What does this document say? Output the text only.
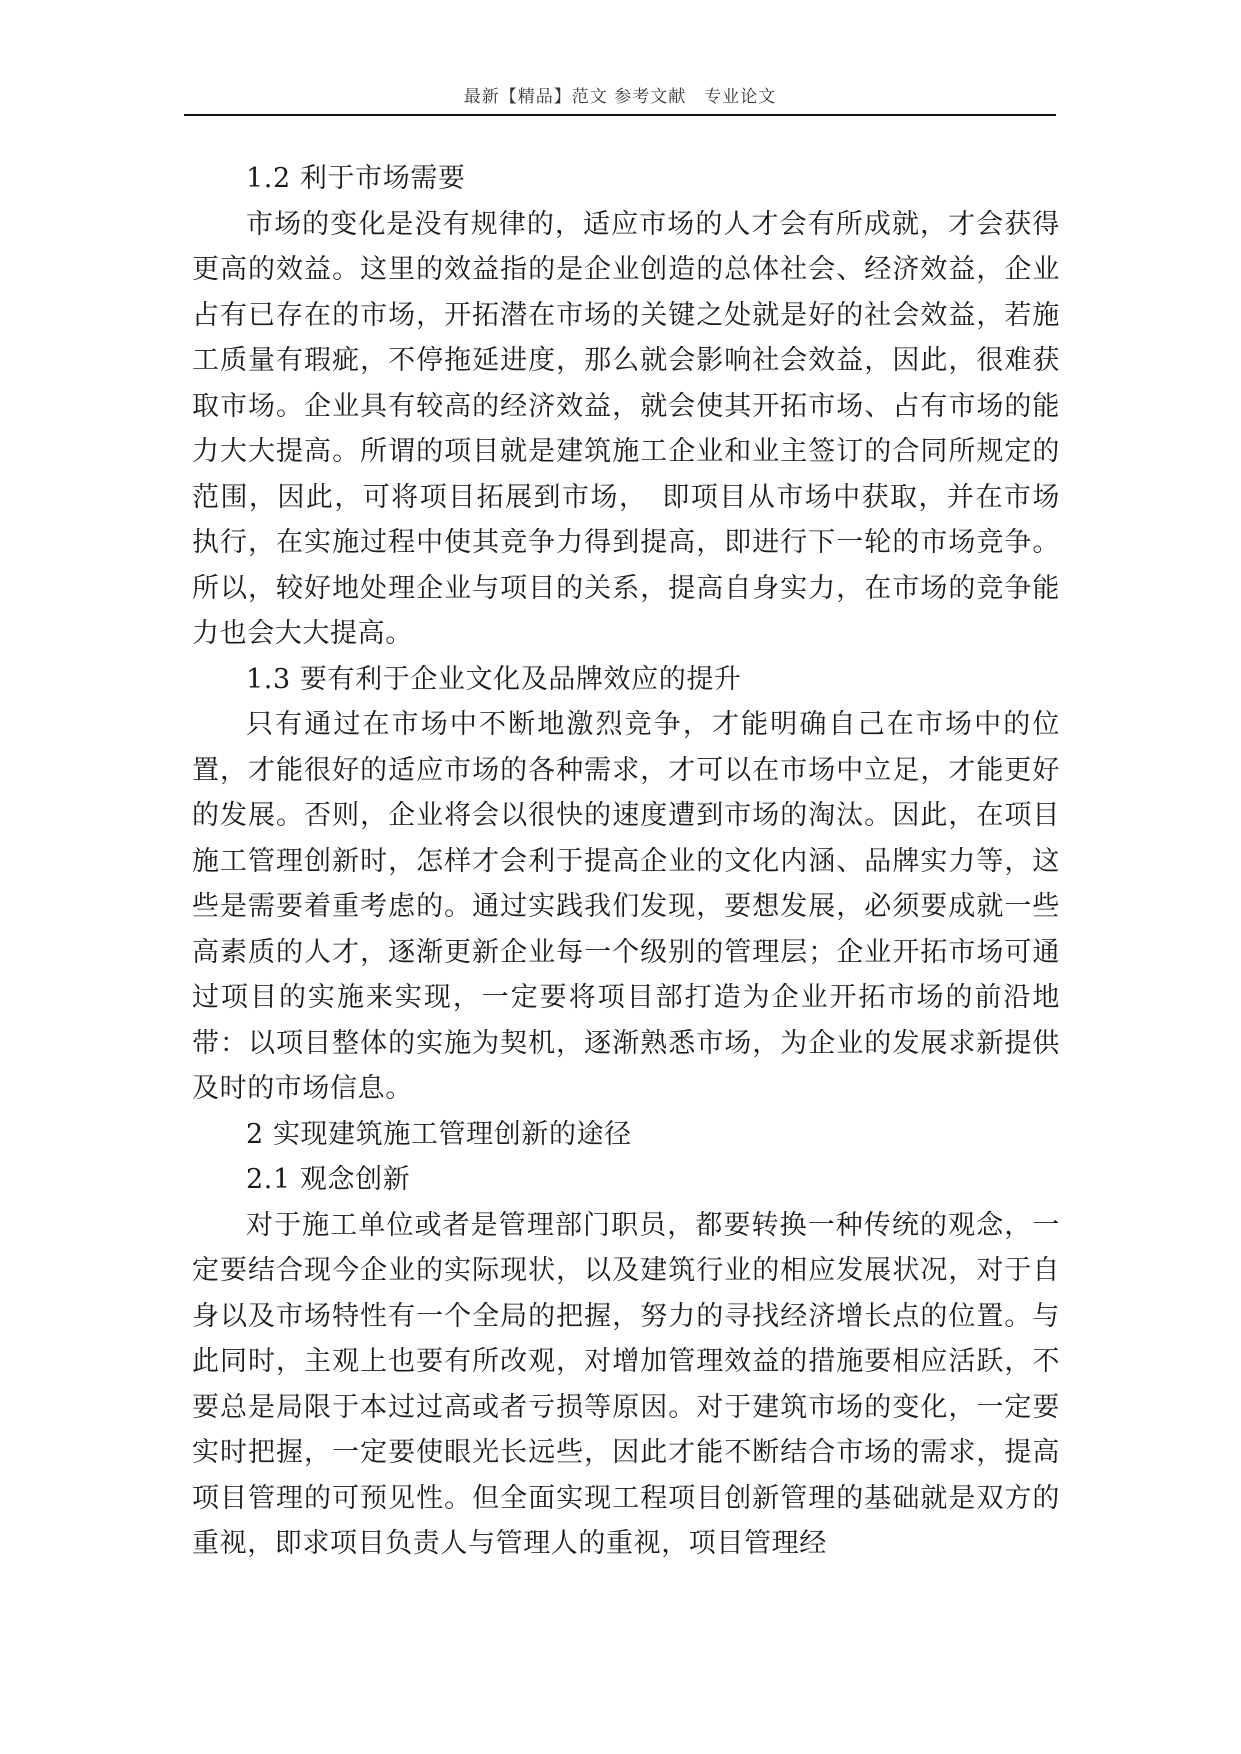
最新【精品】范文 参考文献　专业论文
1.2 利于市场需要

市场的变化是没有规律的，适应市场的人才会有所成就，才会获得更高的效益。这里的效益指的是企业创造的总体社会、经济效益，企业占有已存在的市场，开拓潜在市场的关键之处就是好的社会效益，若施工质量有瑕疵，不停拖延进度，那么就会影响社会效益，因此，很难获取市场。企业具有较高的经济效益，就会使其开拓市场、占有市场的能力大大提高。所谓的项目就是建筑施工企业和业主签订的合同所规定的范围，因此，可将项目拓展到市场，　即项目从市场中获取，并在市场执行，在实施过程中使其竞争力得到提高，即进行下一轮的市场竞争。所以，较好地处理企业与项目的关系，提高自身实力，在市场的竞争能力也会大大提高。

1.3 要有利于企业文化及品牌效应的提升

只有通过在市场中不断地激烈竞争，才能明确自己在市场中的位置，才能很好的适应市场的各种需求，才可以在市场中立足，才能更好的发展。否则，企业将会以很快的速度遭到市场的淘汰。因此，在项目施工管理创新时，怎样才会利于提高企业的文化内涵、品牌实力等，这些是需要着重考虑的。通过实践我们发现，要想发展，必须要成就一些高素质的人才，逐渐更新企业每一个级别的管理层；企业开拓市场可通过项目的实施来实现，一定要将项目部打造为企业开拓市场的前沿地带：以项目整体的实施为契机，逐渐熟悉市场，为企业的发展求新提供及时的市场信息。

2 实现建筑施工管理创新的途径
2.1 观念创新

对于施工单位或者是管理部门职员，都要转换一种传统的观念，一定要结合现今企业的实际现状，以及建筑行业的相应发展状况，对于自身以及市场特性有一个全局的把握，努力的寻找经济增长点的位置。与此同时，主观上也要有所改观，对增加管理效益的措施要相应活跃，不要总是局限于本过过高或者亏损等原因。对于建筑市场的变化，一定要实时把握，一定要使眼光长远些，因此才能不断结合市场的需求，提高项目管理的可预见性。但全面实现工程项目创新管理的基础就是双方的重视，即求项目负责人与管理人的重视，项目管理经
